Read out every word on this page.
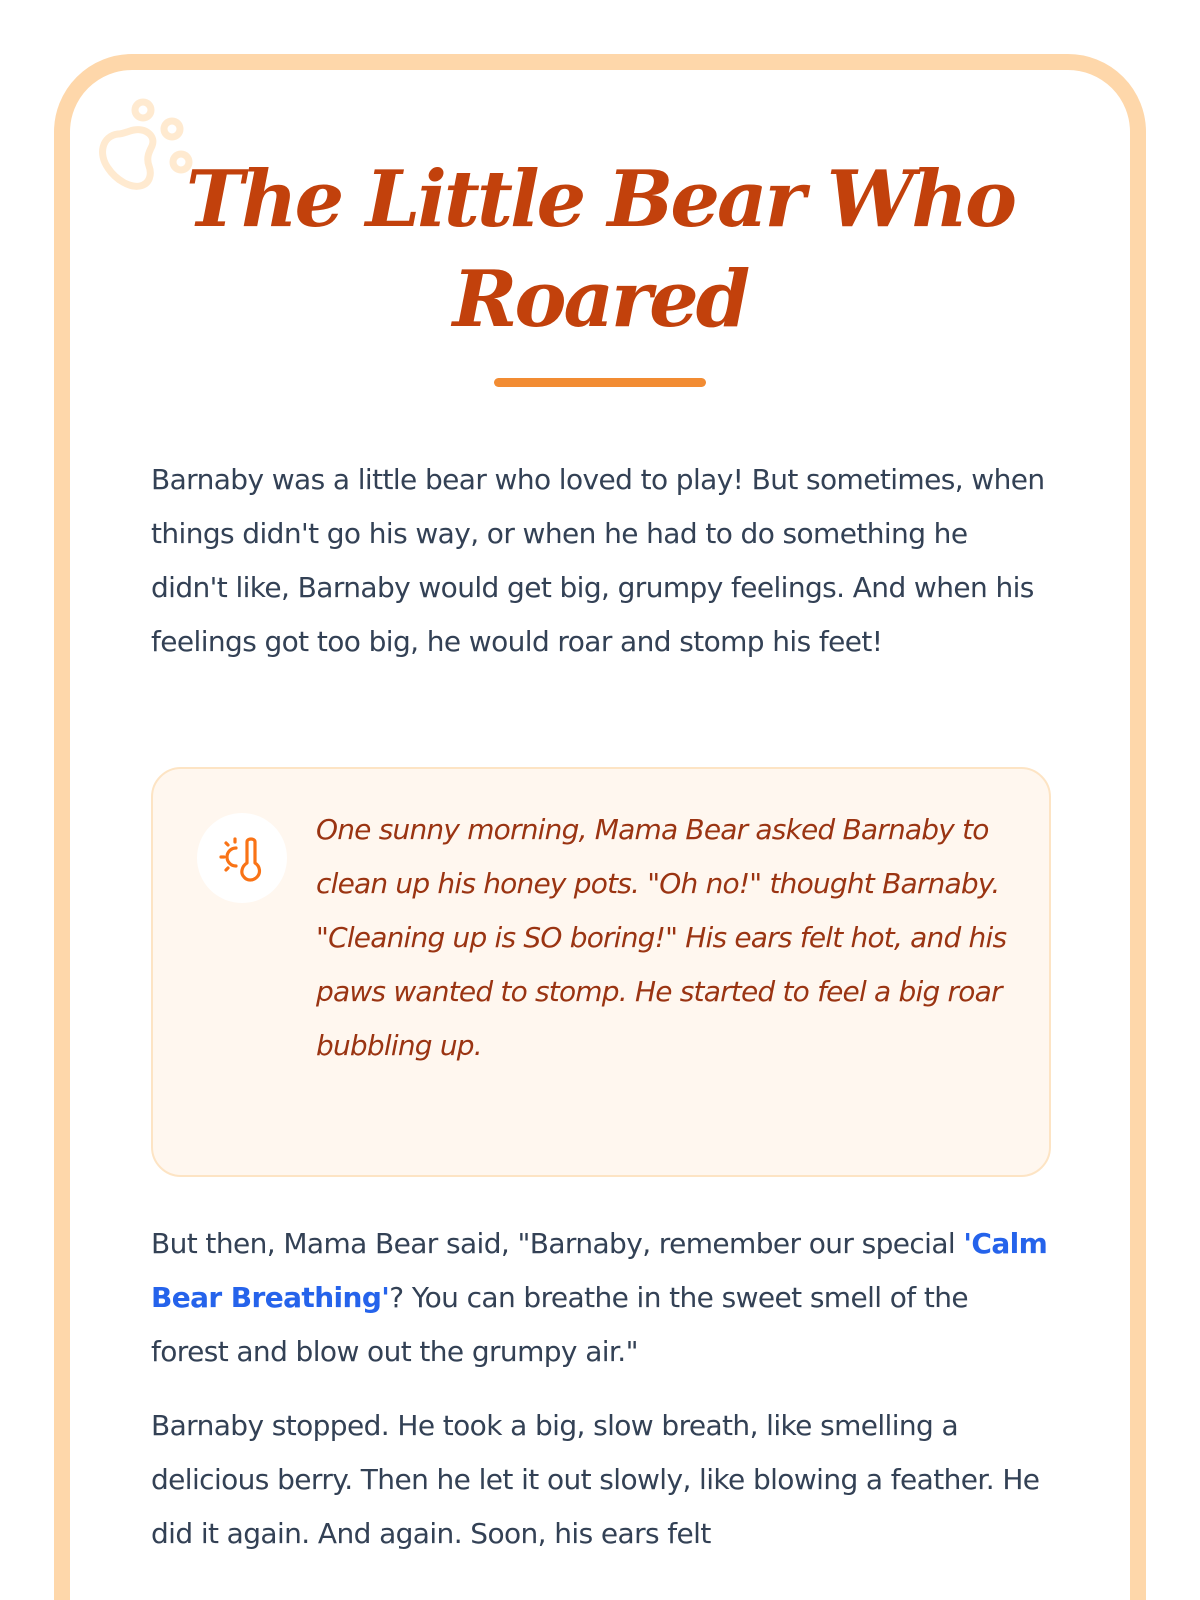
The Little Bear Who Roared

Barnaby was a little bear who loved to play! But sometimes, when things didn't go his way, or when he had to do something he didn't like, Barnaby would get big, grumpy feelings. And when his feelings got too big, he would roar and stomp his feet!

One sunny morning, Mama Bear asked Barnaby to clean up his honey pots. "Oh no!" thought Barnaby. "Cleaning up is SO boring!" His ears felt hot, and his paws wanted to stomp. He started to feel a big roar bubbling up.

But then, Mama Bear said, "Barnaby, remember our special 'Calm Bear Breathing'? You can breathe in the sweet smell of the forest and blow out the grumpy air."

Barnaby stopped. He took a big, slow breath, like smelling a delicious berry. Then he let it out slowly, like blowing a feather. He did it again. And again. Soon, his ears felt
